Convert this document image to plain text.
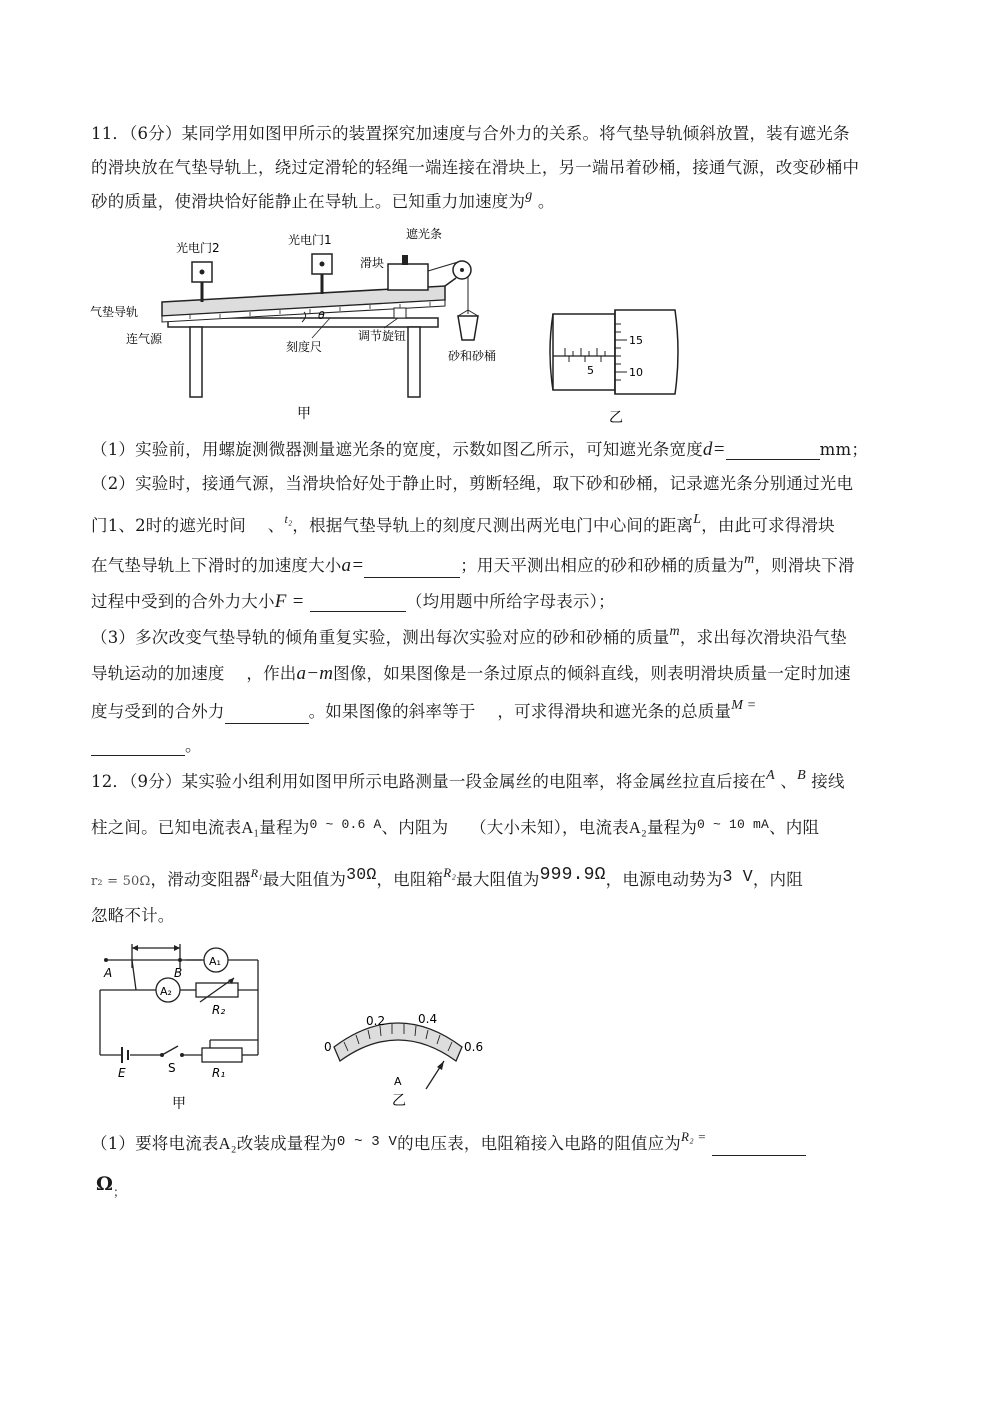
11．（6分）某同学用如图甲所示的装置探究加速度与合外力的关系。将气垫导轨倾斜放置，装有遮光条
的滑块放在气垫导轨上，绕过定滑轮的轻绳一端连接在滑块上，另一端吊着砂桶，接通气源，改变砂桶中
砂的质量，使滑块恰好能静止在导轨上。已知重力加速度为$^g$ 。
θ
光电门2
光电门1	遮光条
滑块
气垫导轨
连气源
刻度尺
调节旋钮
砂和砂桶
甲
15
5	10
乙
（1）实验前，用螺旋测微器测量遮光条的宽度，示数如图乙所示，可知遮光条宽度d=	mm；
（2）实验时，接通气源，当滑块恰好处于静止时，剪断轻绳，取下砂和砂桶，记录遮光条分别通过光电
门1、2时的遮光时间 、$^{t_2}$，根据气垫导轨上的刻度尺测出两光电门中心间的距离$^L$，由此可求得滑块
在气垫导轨上下滑时的加速度大小a=	；用天平测出相应的砂和砂桶的质量为$^m$，则滑块下滑
过程中受到的合外力大小F =	（均用题中所给字母表示）；
（3）多次改变气垫导轨的倾角重复实验，测出每次实验对应的砂和砂桶的质量$^m$，求出每次滑块沿气垫
导轨运动的加速度 ，作出a−m图像，如果图像是一条过原点的倾斜直线，则表明滑块质量一定时加速
度与受到的合外力	。如果图像的斜率等于 ，可求得滑块和遮光条的总质量$^{M =}$
。
12．（9分）某实验小组利用如图甲所示电路测量一段金属丝的电阻率，将金属丝拉直后接在$^A$ 、$^B$ 接线
柱之间。已知电流表A₁量程为$^{0 \sim 0.6 A}$、内阻为 （大小未知），电流表A₂量程为$^{0 \sim 10 mA}$、内阻
r₂ = 50Ω，滑动变阻器$^{R_1}$最大阻值为30Ω，电阻箱$^{R_2}$最大阻值为999.9Ω，电源电动势为3 V，内阻
忽略不计。
A	B
A₁
A₂
R₂
E	S	R₁
甲
0
0.2	0.4
0.6
A
乙
（1）要将电流表A₂改装成量程为$^{0 \sim 3 V}$的电压表，电阻箱接入电路的阻值应为$^{R_2 =}$
$\Omega_;$
